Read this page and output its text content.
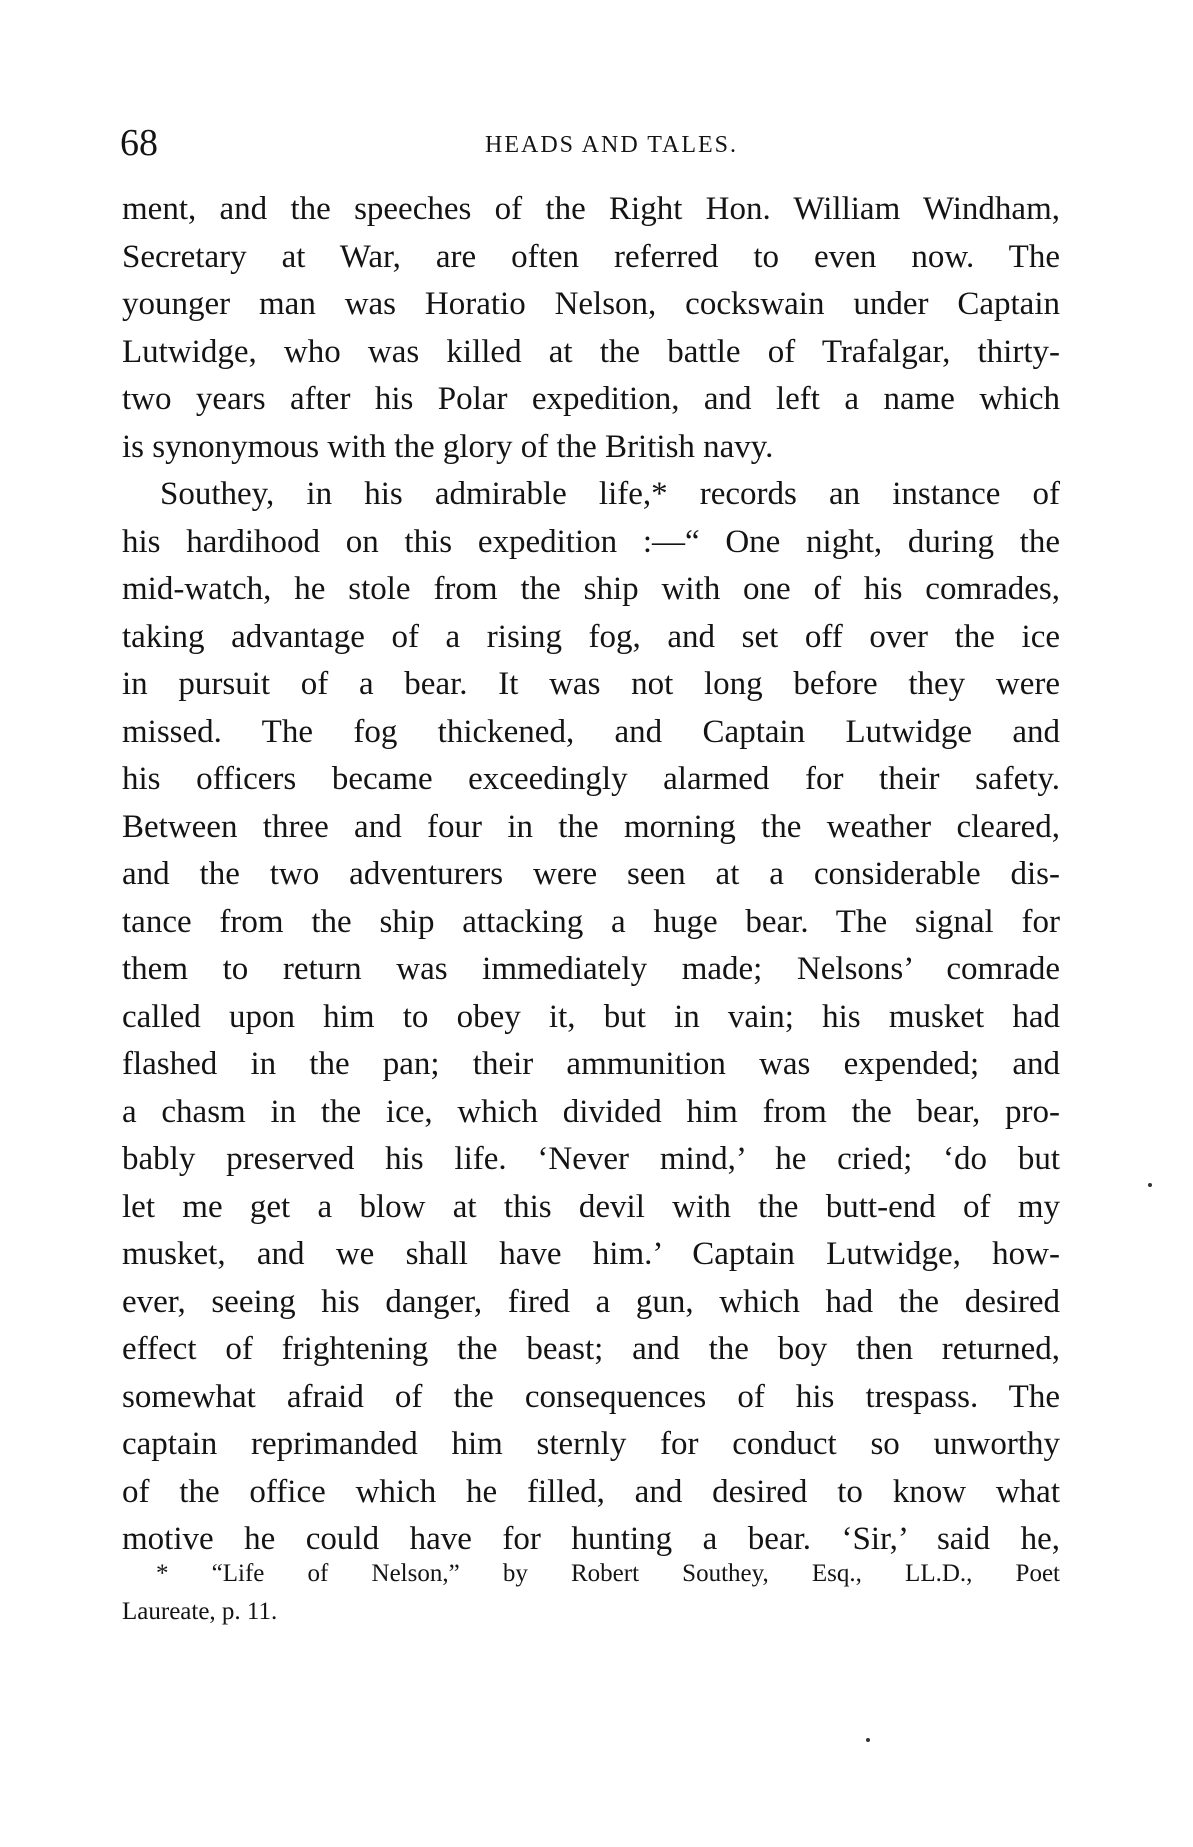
68	HEADS AND TALES.
ment, and the speeches of the Right Hon. William Windham,
Secretary at War, are often referred to even now. The
younger man was Horatio Nelson, cockswain under Captain
Lutwidge, who was killed at the battle of Trafalgar, thirty-
two years after his Polar expedition, and left a name which
is synonymous with the glory of the British navy.
Southey, in his admirable life,* records an instance of
his hardihood on this expedition :—“ One night, during the
mid-watch, he stole from the ship with one of his comrades,
taking advantage of a rising fog, and set off over the ice
in pursuit of a bear. It was not long before they were
missed. The fog thickened, and Captain Lutwidge and
his officers became exceedingly alarmed for their safety.
Between three and four in the morning the weather cleared,
and the two adventurers were seen at a considerable dis-
tance from the ship attacking a huge bear. The signal for
them to return was immediately made; Nelsons’ comrade
called upon him to obey it, but in vain; his musket had
flashed in the pan; their ammunition was expended; and
a chasm in the ice, which divided him from the bear, pro-
bably preserved his life. ‘Never mind,’ he cried; ‘do but
let me get a blow at this devil with the butt-end of my
musket, and we shall have him.’ Captain Lutwidge, how-
ever, seeing his danger, fired a gun, which had the desired
effect of frightening the beast; and the boy then returned,
somewhat afraid of the consequences of his trespass. The
captain reprimanded him sternly for conduct so unworthy
of the office which he filled, and desired to know what
motive he could have for hunting a bear. ‘Sir,’ said he,
* “Life of Nelson,” by Robert Southey, Esq., LL.D., Poet
Laureate, p. 11.
